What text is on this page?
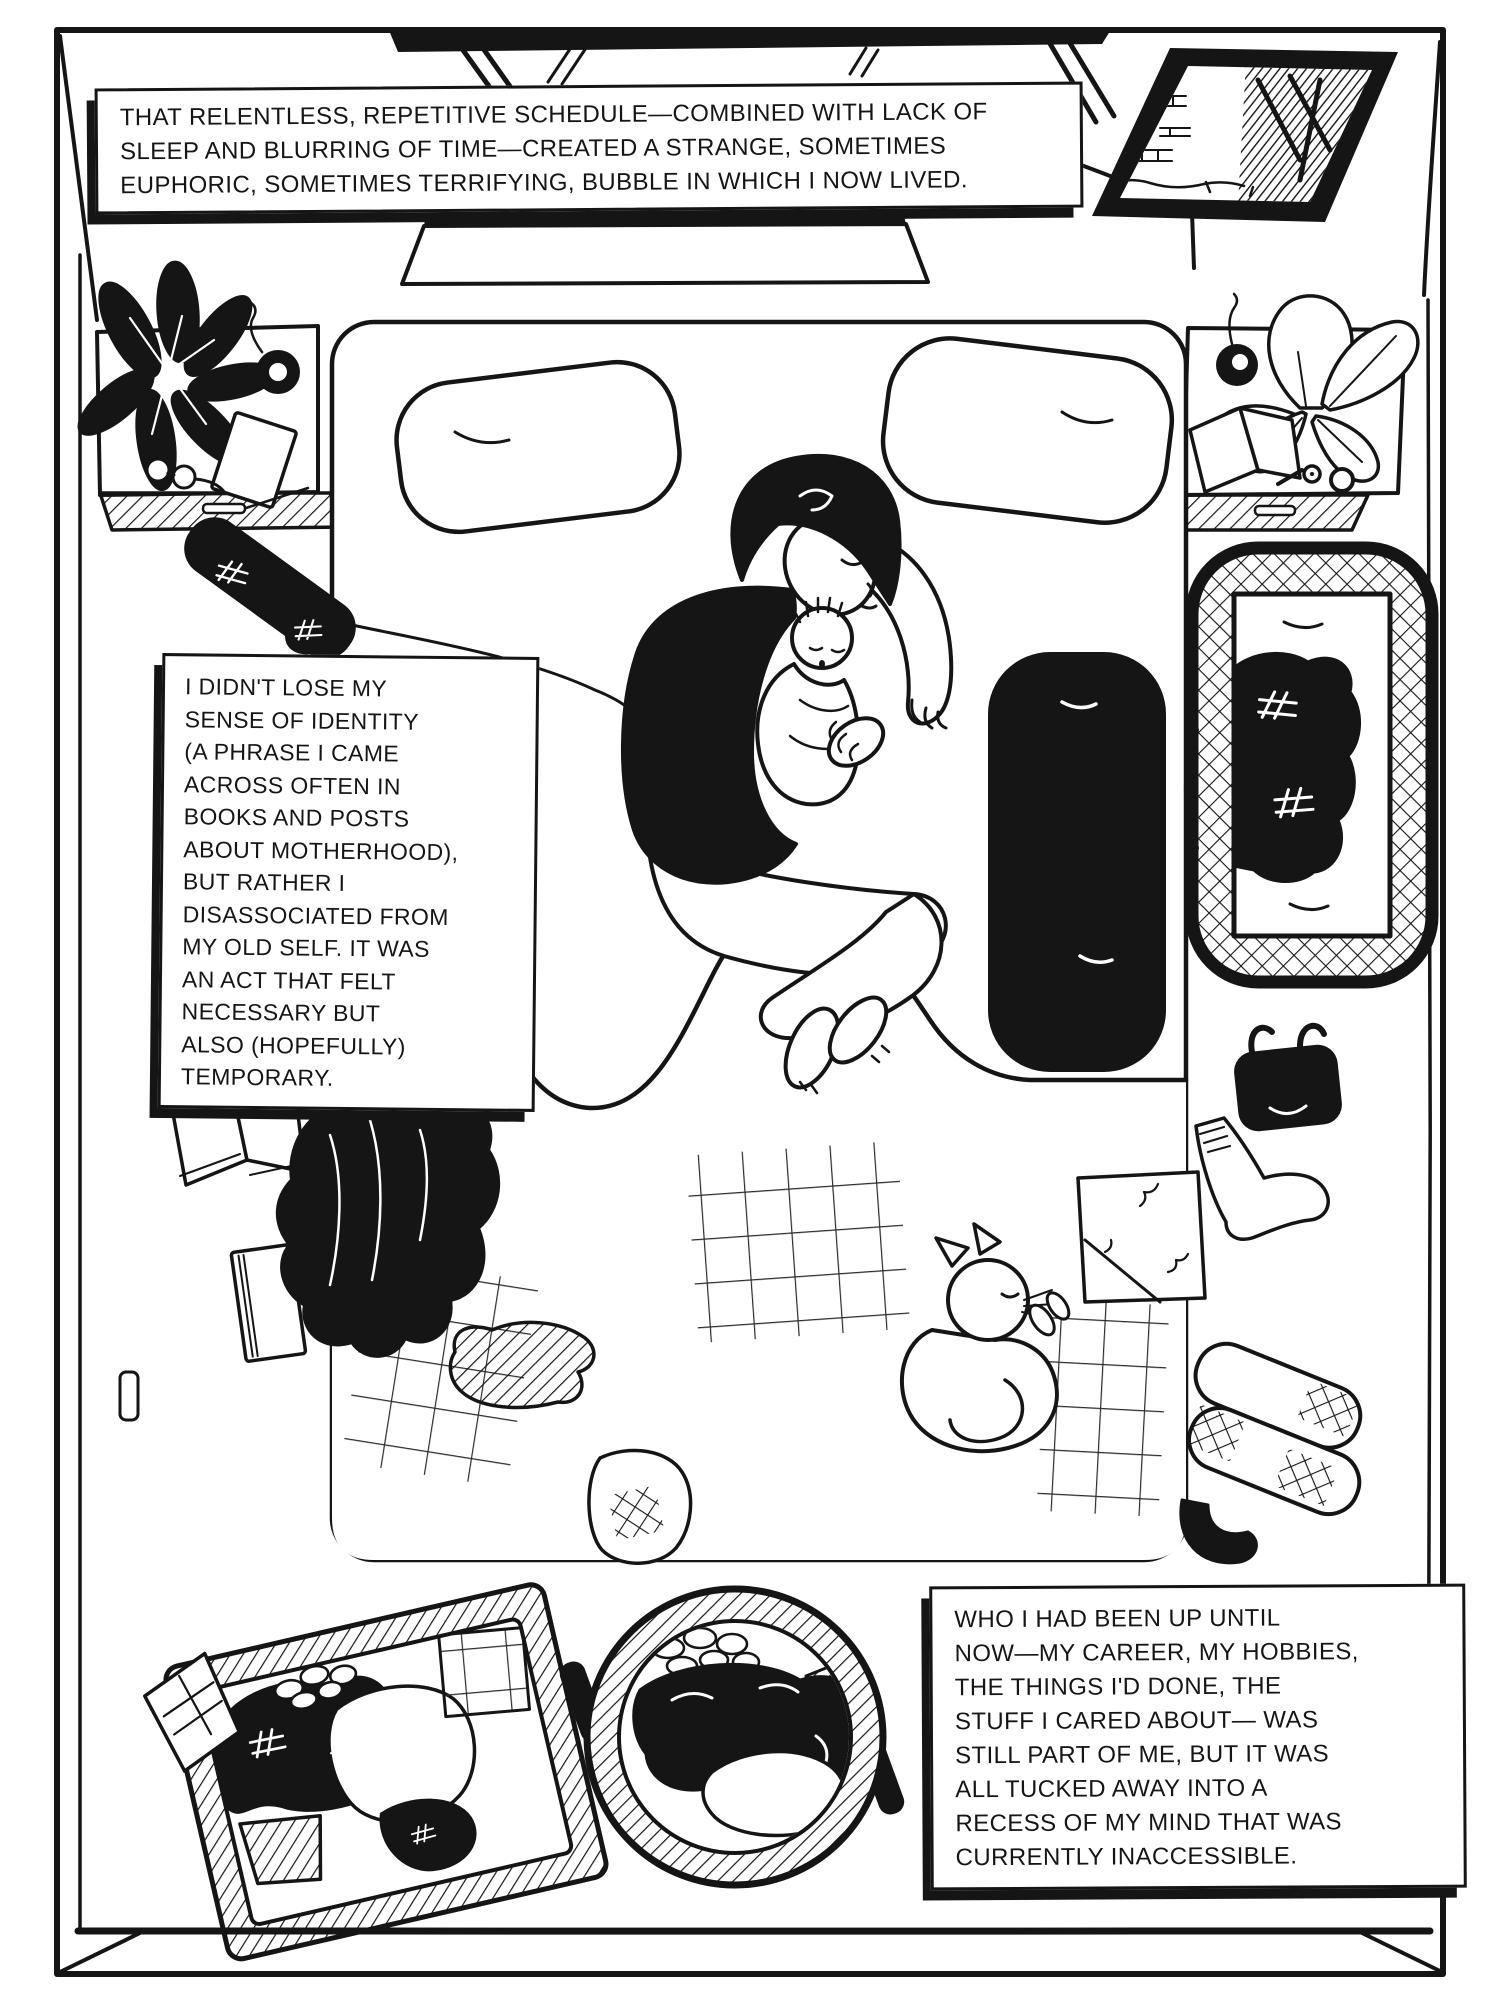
THAT RELENTLESS, REPETITIVE SCHEDULE—COMBINED WITH LACK OF
SLEEP AND BLURRING OF TIME—CREATED A STRANGE, SOMETIMES
EUPHORIC, SOMETIMES TERRIFYING, BUBBLE IN WHICH I NOW LIVED.
I DIDN'T LOSE MY
SENSE OF IDENTITY
(A PHRASE I CAME
ACROSS OFTEN IN
BOOKS AND POSTS
ABOUT MOTHERHOOD),
BUT RATHER I
DISASSOCIATED FROM
MY OLD SELF. IT WAS
AN ACT THAT FELT
NECESSARY BUT
ALSO (HOPEFULLY)
TEMPORARY.
WHO I HAD BEEN UP UNTIL
NOW—MY CAREER, MY HOBBIES,
THE THINGS I'D DONE, THE
STUFF I CARED ABOUT— WAS
STILL PART OF ME, BUT IT WAS
ALL TUCKED AWAY INTO A
RECESS OF MY MIND THAT WAS
CURRENTLY INACCESSIBLE.
